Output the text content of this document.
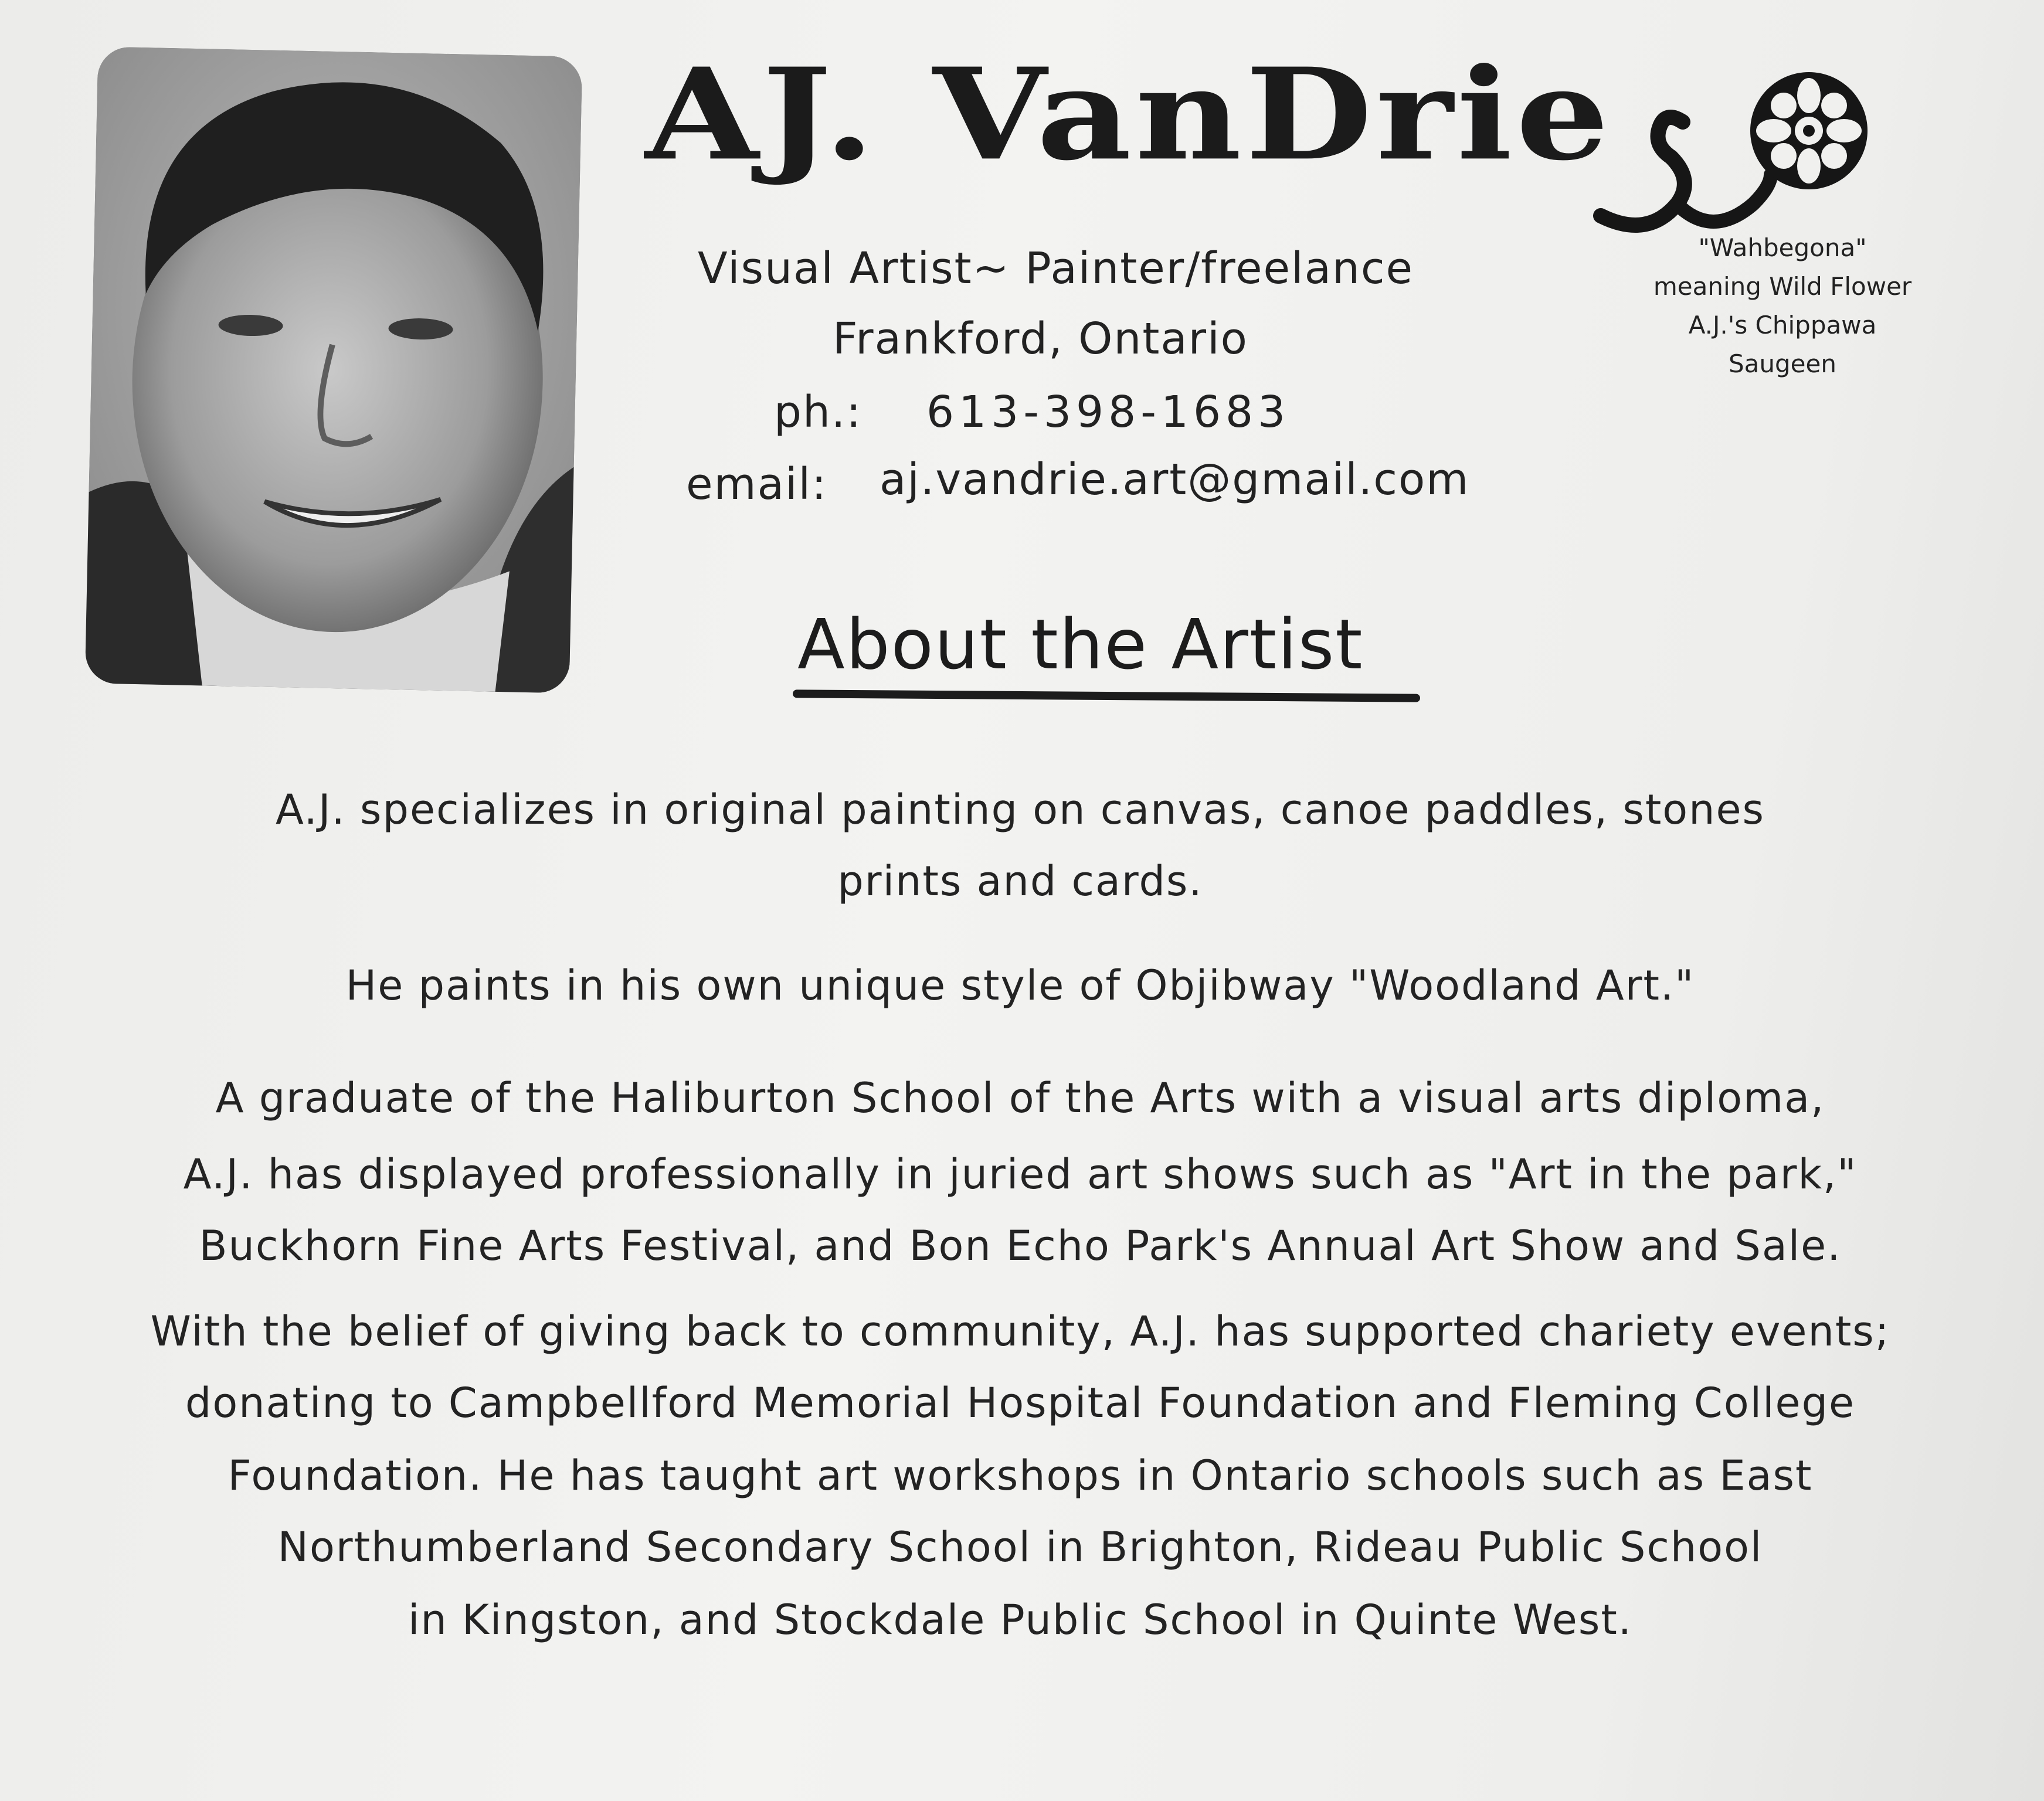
AJ. VanDrie
"Wahbegona"
meaning Wild Flower
A.J.'s Chippawa
Saugeen
Visual Artist~ Painter/freelance
Frankford, Ontario
ph.: 613-398-1683
email: aj.vandrie.art@gmail.com
About the Artist
A.J. specializes in original painting on canvas, canoe paddles, stones
prints and cards.
He paints in his own unique style of Objibway "Woodland Art."
A graduate of the Haliburton School of the Arts with a visual arts diploma,
A.J. has displayed professionally in juried art shows such as "Art in the park,"
Buckhorn Fine Arts Festival, and Bon Echo Park's Annual Art Show and Sale.
With the belief of giving back to community, A.J. has supported chariety events;
donating to Campbellford Memorial Hospital Foundation and Fleming College
Foundation. He has taught art workshops in Ontario schools such as East
Northumberland Secondary School in Brighton, Rideau Public School
in Kingston, and Stockdale Public School in Quinte West.
